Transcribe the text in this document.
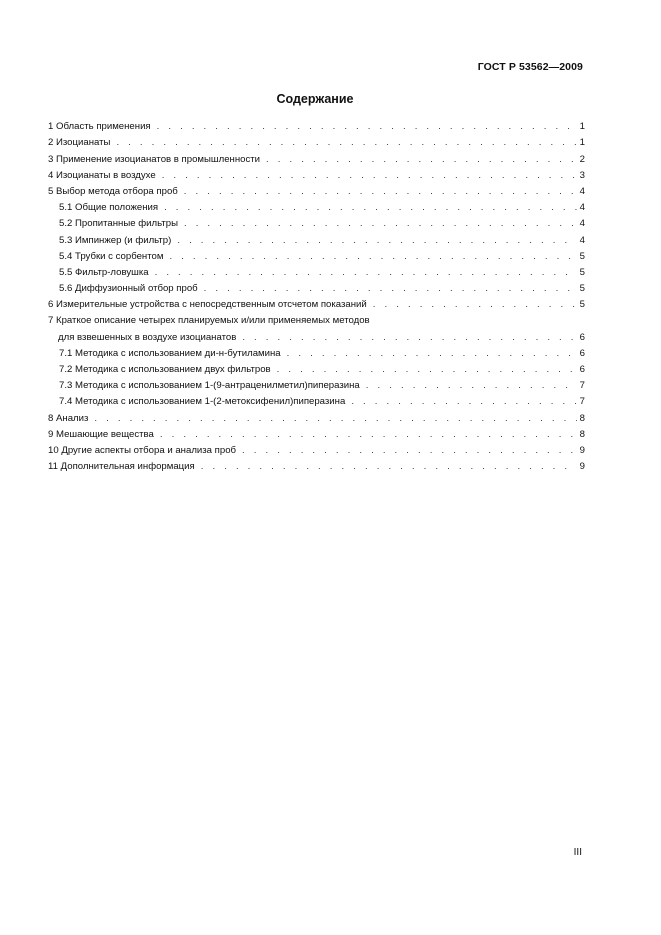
ГОСТ Р 53562—2009
Содержание
1 Область применения . . .	1
2 Изоцианаты . . .	1
3 Применение изоцианатов в промышленности . . .	2
4 Изоцианаты в воздухе . . .	3
5 Выбор метода отбора проб . . .	4
5.1 Общие положения . . .	4
5.2 Пропитанные фильтры . . .	4
5.3 Импинжер (и фильтр) . . .	4
5.4 Трубки с сорбентом . . .	5
5.5 Фильтр-ловушка . . .	5
5.6 Диффузионный отбор проб . . .	5
6 Измерительные устройства с непосредственным отсчетом показаний . . .	5
7 Краткое описание четырех планируемых и/или применяемых методов
для взвешенных в воздухе изоцианатов . . .	6
7.1 Методика с использованием ди-н-бутиламина . . .	6
7.2 Методика с использованием двух фильтров . . .	6
7.3 Методика с использованием 1-(9-антраценилметил)пиперазина . . .	7
7.4 Методика с использованием 1-(2-метоксифенил)пиперазина . . .	7
8 Анализ . . .	8
9 Мешающие вещества . . .	8
10 Другие аспекты отбора и анализа проб . . .	9
11 Дополнительная информация . . .	9
III
